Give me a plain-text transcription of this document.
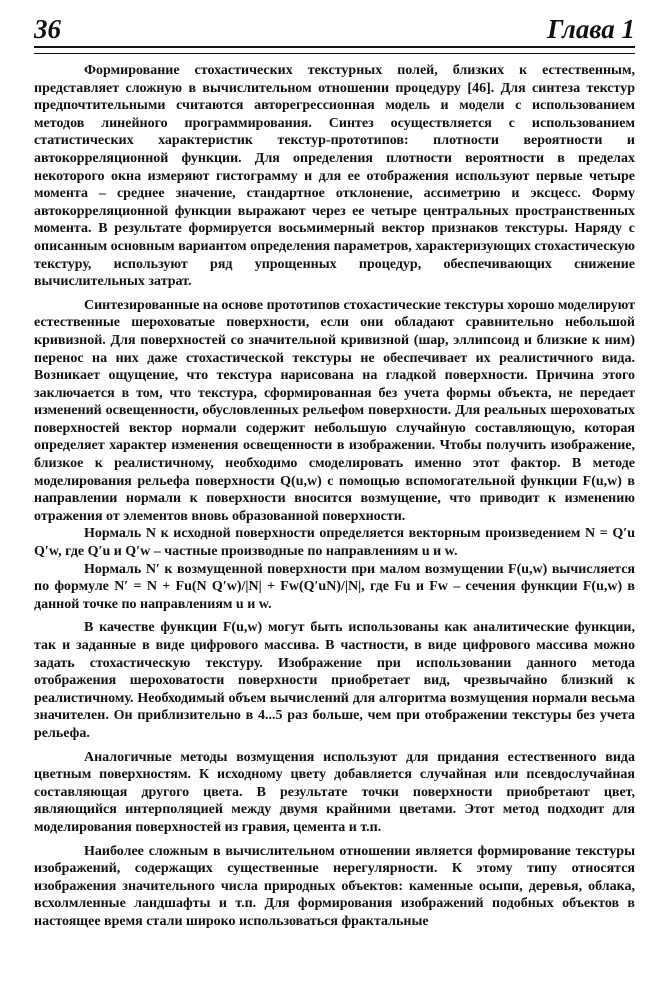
36	Глава 1

Формирование стохастических текстурных полей, близких к естественным, представляет сложную в вычислительном отношении процедуру [46]. Для синтеза текстур предпочтительными считаются авторегрессионная модель и модели с использованием методов линейного программирования. Синтез осуществляется с использованием статистических характеристик текстур-прототипов: плотности вероятности и автокорреляционной функции. Для определения плотности вероятности в пределах некоторого окна измеряют гистограмму и для ее отображения используют первые четыре момента – среднее значение, стандартное отклонение, ассиметрию и эксцесс. Форму автокорреляционной функции выражают через ее четыре центральных пространственных момента. В результате формируется восьмимерный вектор признаков текстуры. Наряду с описанным основным вариантом определения параметров, характеризующих стохастическую текстуру, используют ряд упрощенных процедур, обеспечивающих снижение вычислительных затрат.

Синтезированные на основе прототипов стохастические текстуры хорошо моделируют естественные шероховатые поверхности, если они обладают сравнительно небольшой кривизной. Для поверхностей со значительной кривизной (шар, эллипсоид и близкие к ним) перенос на них даже стохастической текстуры не обеспечивает их реалистичного вида. Возникает ощущение, что текстура нарисована на гладкой поверхности. Причина этого заключается в том, что текстура, сформированная без учета формы объекта, не передает изменений освещенности, обусловленных рельефом поверхности. Для реальных шероховатых поверхностей вектор нормали содержит небольшую случайную составляющую, которая определяет характер изменения освещенности в изображении. Чтобы получить изображение, близкое к реалистичному, необходимо смоделировать именно этот фактор. В методе моделирования рельефа поверхности Q(u,w) с помощью вспомогательной функции F(u,w) в направлении нормали к поверхности вносится возмущение, что приводит к изменению отражения от элементов вновь образованной поверхности.

Нормаль N к исходной поверхности определяется векторным произведением N = Q′u Q′w, где Q′u и Q′w – частные производные по направлениям u и w.

Нормаль N′ к возмущенной поверхности при малом возмущении F(u,w) вычисляется по формуле N′ = N + Fu(N Q′w)/|N| + Fw(Q′uN)/|N|, где Fu и Fw – сечения функции F(u,w) в данной точке по направлениям u и w.

В качестве функции F(u,w) могут быть использованы как аналитические функции, так и заданные в виде цифрового массива. В частности, в виде цифрового массива можно задать стохастическую текстуру. Изображение при использовании данного метода отображения шероховатости поверхности приобретает вид, чрезвычайно близкий к реалистичному. Необходимый объем вычислений для алгоритма возмущения нормали весьма значителен. Он приблизительно в 4...5 раз больше, чем при отображении текстуры без учета рельефа.

Аналогичные методы возмущения используют для придания естественного вида цветным поверхностям. К исходному цвету добавляется случайная или псевдослучайная составляющая другого цвета. В результате точки поверхности приобретают цвет, являющийся интерполяцией между двумя крайними цветами. Этот метод подходит для моделирования поверхностей из гравия, цемента и т.п.

Наиболее сложным в вычислительном отношении является формирование текстуры изображений, содержащих существенные нерегулярности. К этому типу относятся изображения значительного числа природных объектов: каменные осыпи, деревья, облака, всхолмленные ландшафты и т.п. Для формирования изображений подобных объектов в настоящее время стали широко использоваться фрактальные
